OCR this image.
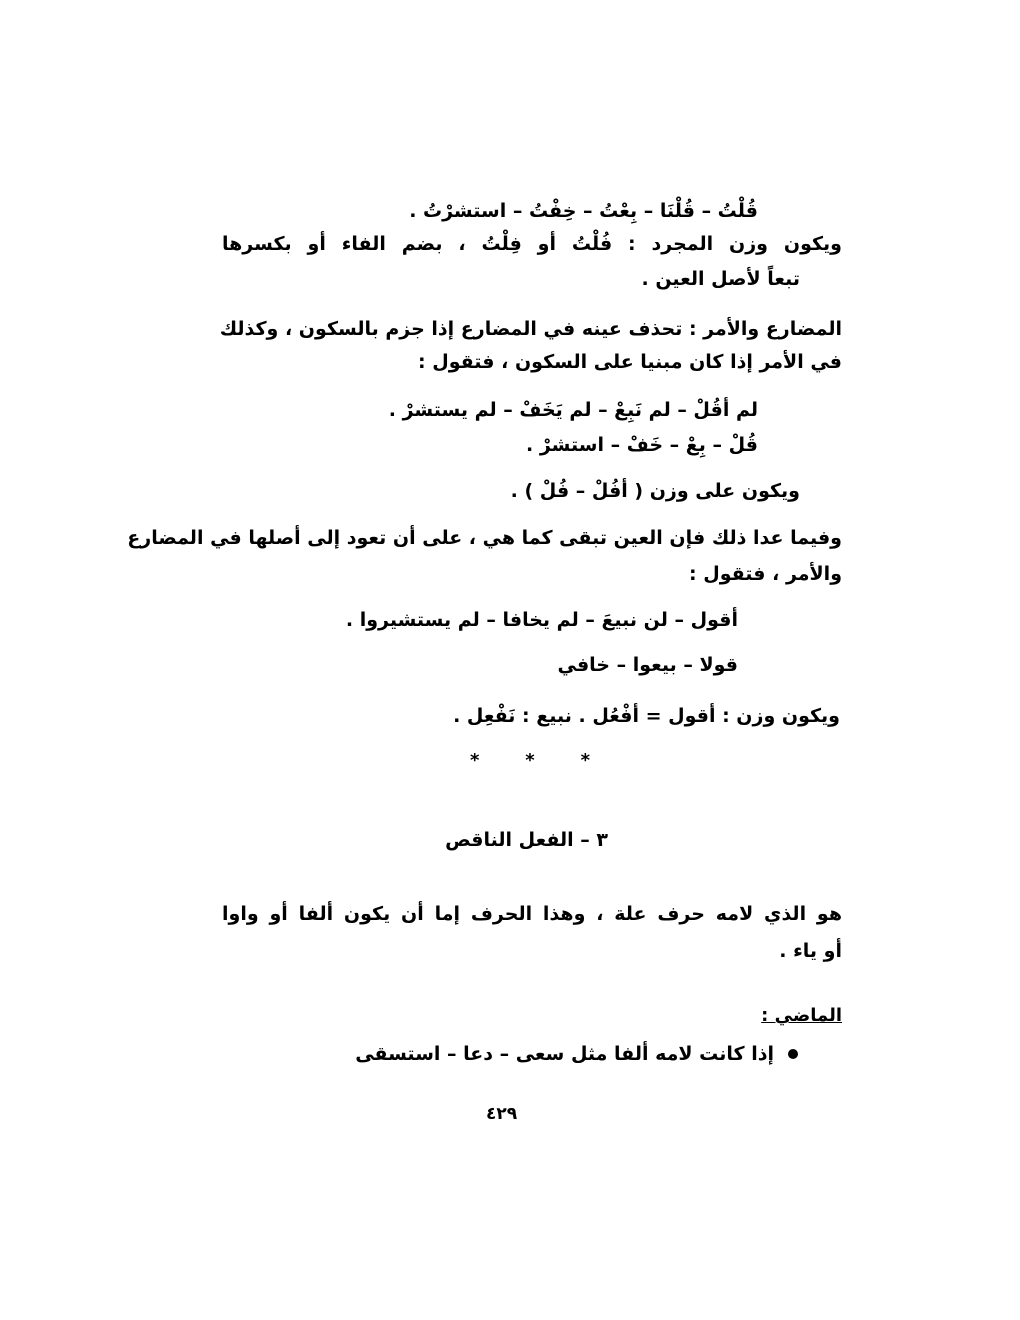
قُلْتُ – قُلْنَا – بِعْتُ – خِفْتُ – استشرْتُ .
ويكون وزن المجرد : فُلْتُ أو فِلْتُ ، بضم الفاء أو بكسرها
تبعاً لأصل العين .
المضارع والأمر : تحذف عينه في المضارع إذا جزم بالسكون ، وكذلك
في الأمر إذا كان مبنيا على السكون ، فتقول :
لم أقُلْ – لم نَبِعْ – لم يَخَفْ – لم يستشرْ .
قُلْ – بِعْ – خَفْ – استشرْ .
ويكون على وزن ( أفُلْ – فُلْ ) .
وفيما عدا ذلك فإن العين تبقى كما هي ، على أن تعود إلى أصلها في المضارع
والأمر ، فتقول :
أقول – لن نبيعَ – لم يخافا – لم يستشيروا .
قولا – بيعوا – خافي
ويكون وزن : أقول = أفْعُل . نبيع : نَفْعِل .
*	*	*
٣ – الفعل الناقص
هو الذي لامه حرف علة ، وهذا الحرف إما أن يكون ألفا أو واوا
أو ياء .
الماضي :
إذا كانت لامه ألفا مثل سعى – دعا – استسقى
٤٢٩
